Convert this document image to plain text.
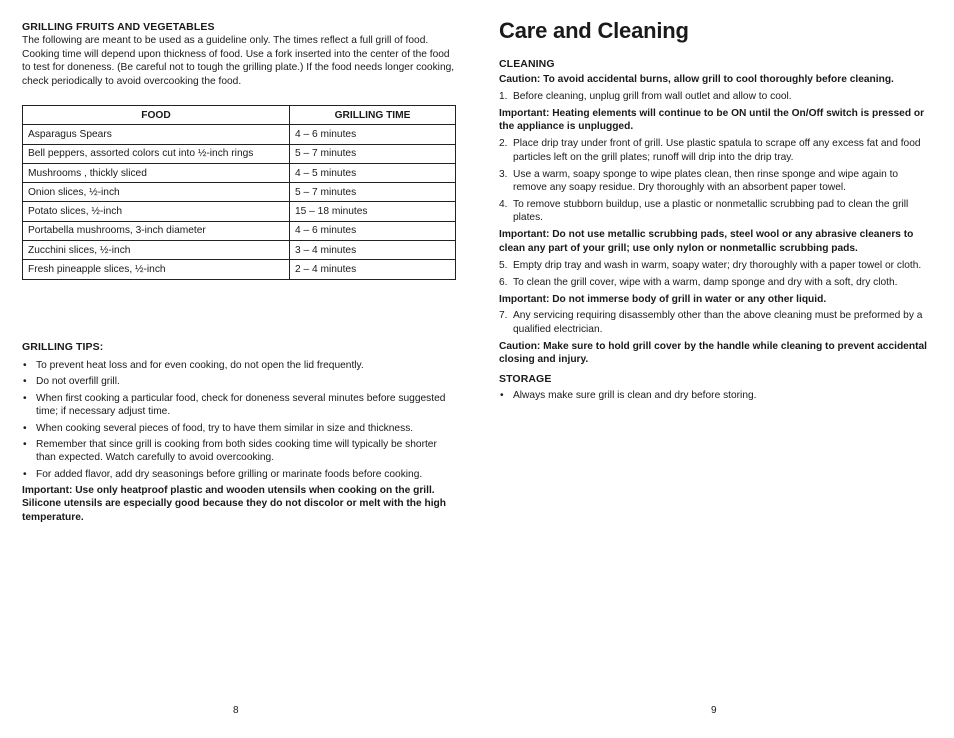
GRILLING FRUITS AND VEGETABLES

The following are meant to be used as a guideline only. The times reflect a full grill of food. Cooking time will depend upon thickness of food. Use a fork inserted into the center of the food to test for doneness. (Be careful not to tough the grilling plate.) If the food needs longer cooking, check periodically to avoid overcooking the food.

FOOD	GRILLING TIME
Asparagus Spears	4 – 6 minutes
Bell peppers, assorted colors cut into ½-inch rings	5 – 7 minutes
Mushrooms , thickly sliced	4 – 5 minutes
Onion slices, ½-inch	5 – 7 minutes
Potato slices, ½-inch	15 – 18 minutes
Portabella mushrooms, 3-inch diameter	4 – 6 minutes
Zucchini slices, ½-inch	3 – 4 minutes
Fresh pineapple slices, ½-inch	2 – 4 minutes
GRILLING TIPS:
• To prevent heat loss and for even cooking, do not open the lid frequently.
• Do not overfill grill.
• When first cooking a particular food, check for doneness several minutes before suggested time; if necessary adjust time.
• When cooking several pieces of food, try to have them similar in size and thickness.
• Remember that since grill is cooking from both sides cooking time will typically be shorter than expected. Watch carefully to avoid overcooking.
• For added flavor, add dry seasonings before grilling or marinate foods before cooking.

Important: Use only heatproof plastic and wooden utensils when cooking on the grill. Silicone utensils are especially good because they do not discolor or melt with the high temperature.

8
Care and Cleaning
CLEANING

Caution: To avoid accidental burns, allow grill to cool thoroughly before cleaning.

1. Before cleaning, unplug grill from wall outlet and allow to cool.

Important: Heating elements will continue to be ON until the On/Off switch is pressed or the appliance is unplugged.

2. Place drip tray under front of grill. Use plastic spatula to scrape off any excess fat and food particles left on the grill plates; runoff will drip into the drip tray.
3. Use a warm, soapy sponge to wipe plates clean, then rinse sponge and wipe again to remove any soapy residue. Dry thoroughly with an absorbent paper towel.
4. To remove stubborn buildup, use a plastic or nonmetallic scrubbing pad to clean the grill plates.

Important: Do not use metallic scrubbing pads, steel wool or any abrasive cleaners to clean any part of your grill; use only nylon or nonmetallic scrubbing pads.

5. Empty drip tray and wash in warm, soapy water; dry thoroughly with a paper towel or cloth.
6. To clean the grill cover, wipe with a warm, damp sponge and dry with a soft, dry cloth.

Important: Do not immerse body of grill in water or any other liquid.

7. Any servicing requiring disassembly other than the above cleaning must be preformed by a qualified electrician.

Caution: Make sure to hold grill cover by the handle while cleaning to prevent accidental closing and injury.

STORAGE
• Always make sure grill is clean and dry before storing.
9
